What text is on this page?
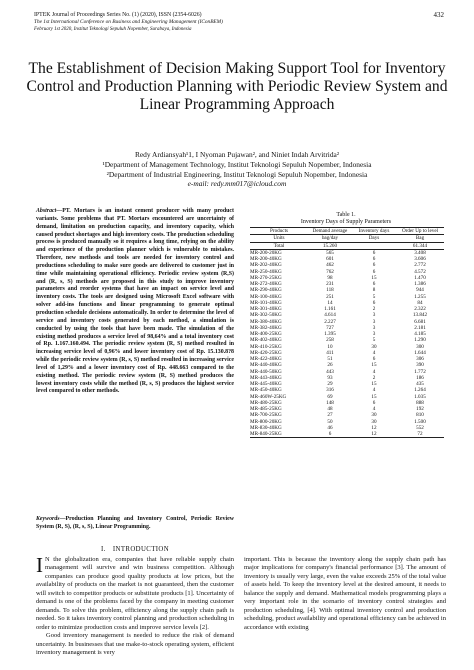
IPTEK Journal of Proceedings Series No. (1) (2020), ISSN (2354-6026)	432
The 1st International Conference on Business and Engineering Management (IConBEM)
February 1st 2020, Institut Teknologi Sepuluh Nopember, Surabaya, Indonesia
The Establishment of Decision Making Support Tool for Inventory Control and Production Planning with Periodic Review System and Linear Programming Approach
Redy Ardiansyah¹1, I Nyoman Pujawan², and Niniet Indah Arvitrida²
¹Department of Management Technology, Institut Teknologi Sepuluh Nopember, Indonesia
²Department of Industrial Engineering, Institut Teknologi Sepuluh Nopember, Indonesia
e-mail: redy.mm017@icloud.com
Abstract—PT. Mortars is an instant cement producer with many product variants. Some problems that PT. Mortars encountered are uncertainty of demand, limitation on production capacity, and inventory capacity, which caused product shortages and high inventory costs. The production scheduling process is produced manually so it requires a long time, relying on the ability and experience of the production planner which is vulnerable to mistakes. Therefore, new methods and tools are needed for inventory control and productions scheduling to make sure goods are delivered to customer just in time while maintaining operational efficiency. Periodic review system (R,S) and (R, s, S) methods are proposed in this study to improve inventory parameters and reorder systems that have an impact on service level and inventory costs. The tools are designed using Microsoft Excel software with solver add-ins functions and linear programming to generate optimal production schedule decisions automatically. In order to determine the level of service and inventory costs generated by each method, a simulation is conducted by using the tools that have been made. The simulation of the existing method produces a service level of 98,64% and a total inventory cost of Rp. 1.167.160.494. The periodic review system (R, S) method resulted in increasing service level of 0,96% and lower inventory cost of Rp. 15.130.8?8 while the periodic review system (R, s, S) method resulted in increasing service level of 1,29% and a lower inventory cost of Rp. 448.663 compared to the existing method. The periodic review system (R, S) method produces the lowest inventory costs while the method (R, s, S) produces the highest service level compared to other methods.
Keywords—Production Planning and Inventory Control, Periodic Review System (R, S), (R, s, S), Linear Programming.
I. INTRODUCTION

I N the globalization era, companies that have reliable supply chain management will survive and win business competition. Although companies can produce good quality products at low prices, but the availability of products on the market is not guaranteed, then the customer will switch to competitor products or substitute products [1]. Uncertainty of demand is one of the problems faced by the company in meeting customer demands. To solve this problem, efficiency along the supply chain path is needed. So it takes inventory control planning and production scheduling in order to minimize production costs and improve service levels [2].

Good inventory management is needed to reduce the risk of demand uncertainty. In businesses that use make-to-stock operating system, efficient inventory management is very

Table 1.
Inventory Days of Supply Parameters
Products	Demand average	Inventory days	Order Up to level
Units	bag/day	Days	Bag
Total	15.260		61.344
MR-200-20KG	565	6	3.408
MR-200-40KG	601	6	3.606
MR-202-40KG	462	6	2.772
MR-250-40KG	762	6	4.572
MR-270-25KG	98	15	1.470
MR-272-40KG	231	6	1.386
MR-290-40KG	118	8	944
MR-100-40KG	251	5	1.255
MR-101-40KG	14	6	84
MR-301-40KG	1.161	2	2.322
MR-302-50KG	4.614	3	13.842
MR-380-40KG	2.227	3	6.681
MR-382-40KG	727	3	2.181
MR-400-25KG	1.395	3	4.185
MR-402-40KG	258	5	1.290
MR-410-25KG	10	30	300
MR-420-25KG	411	4	1.644
MR-422-40KG	51	6	306
MR-440-40KG	26	15	390
MR-440-50KG	443	4	1.772
MR-443-40KG	93	2	186
MR-445-40KG	29	15	435
MR-450-40KG	316	4	1.264
MR-460W-25KG	69	15	1.035
MR-480-25KG	148	6	888
MR-485-25KG	48	4	192
MR-700-25KG	27	30	810
MR-800-20KG	50	30	1.500
MR-830-40KG	46	12	552
MR-840-25KG	6	12	72
important. This is because the inventory along the supply chain path has major implications for company's financial performance [3]. The amount of inventory is usually very large, even the value exceeds 25% of the total value of assets held. To keep the inventory level at the desired amount, it needs to balance the supply and demand. Mathematical models programming plays a very important role in the scenario of inventory control strategies and production scheduling, [4]. With optimal inventory control and production scheduling, product availability and operational efficiency can be achieved in accordance with existing
